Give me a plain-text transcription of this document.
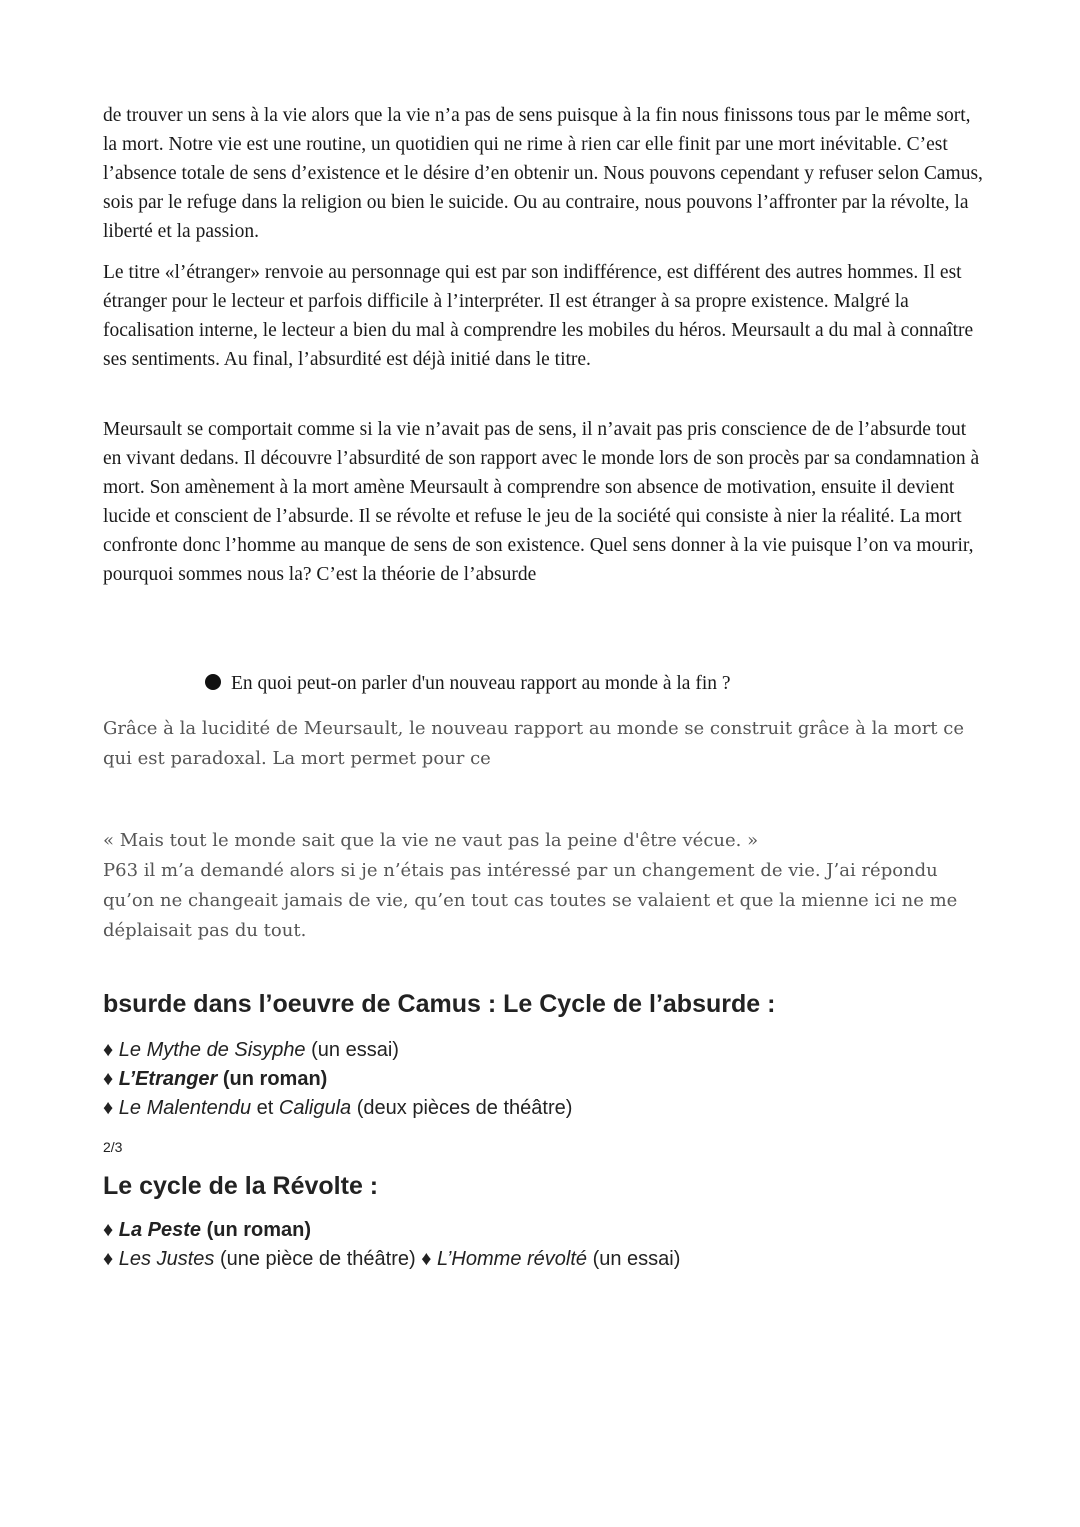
de trouver un sens à la vie alors que la vie n’a pas de sens puisque à la fin nous finissons tous par le même sort, la mort. Notre vie est une routine, un quotidien qui ne rime à rien car elle finit par une mort inévitable. C’est l’absence totale de sens d’existence et le désire d’en obtenir un. Nous pouvons cependant y refuser selon Camus, sois par le refuge dans la religion ou bien le suicide. Ou au contraire, nous pouvons l’affronter par la révolte, la liberté et la passion.

Le titre «l’étranger» renvoie au personnage qui est par son indifférence, est différent des autres hommes. Il est étranger pour le lecteur et parfois difficile à l’interpréter. Il est étranger à sa propre existence. Malgré la focalisation interne, le lecteur a bien du mal à comprendre les mobiles du héros. Meursault a du mal à connaître ses sentiments. Au final, l’absurdité est déjà initié dans le titre.

Meursault se comportait comme si la vie n’avait pas de sens, il n’avait pas pris conscience de de l’absurde tout en vivant dedans. Il découvre l’absurdité de son rapport avec le monde lors de son procès par sa condamnation à mort. Son amènement à la mort amène Meursault à comprendre son absence de motivation, ensuite il devient lucide et conscient de l’absurde. Il se révolte et refuse le jeu de la société qui consiste à nier la réalité. La mort confronte donc l’homme au manque de sens de son existence. Quel sens donner à la vie puisque l’on va mourir, pourquoi sommes nous la? C’est la théorie de l’absurde

En quoi peut-on parler d'un nouveau rapport au monde à la fin ?

Grâce à la lucidité de Meursault, le nouveau rapport au monde se construit grâce à la mort ce qui est paradoxal. La mort permet pour ce

« Mais tout le monde sait que la vie ne vaut pas la peine d'être vécue. »
P63 il m’a demandé alors si je n’étais pas intéressé par un changement de vie. J’ai répondu qu’on ne changeait jamais de vie, qu’en tout cas toutes se valaient et que la mienne ici ne me déplaisait pas du tout.
bsurde dans l’oeuvre de Camus : Le Cycle de l’absurde :
♦ Le Mythe de Sisyphe (un essai)
♦ L’Etranger (un roman)
♦ Le Malentendu et Caligula (deux pièces de théâtre)
2/3
Le cycle de la Révolte :
♦ La Peste (un roman)
♦ Les Justes (une pièce de théâtre) ♦ L’Homme révolté (un essai)
